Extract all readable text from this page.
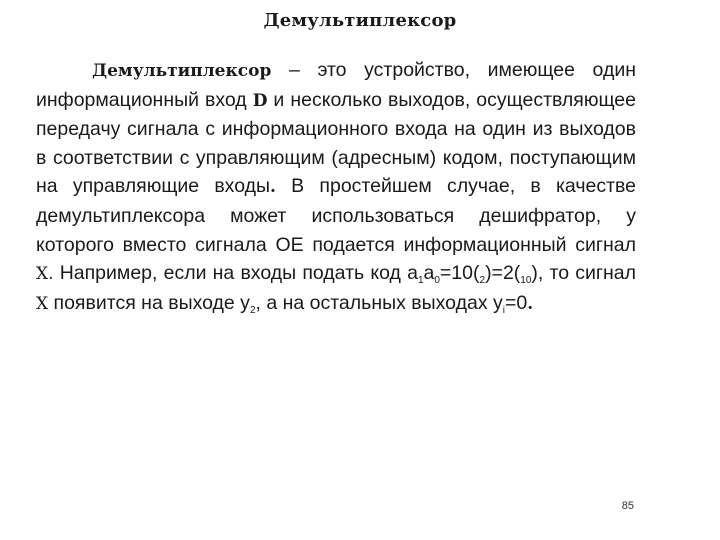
Демультиплексор

Демультиплексор – это устройство, имеющее один информационный вход D и несколько выходов, осуществляющее передачу сигнала с информационного входа на один из выходов в соответствии с управляющим (адресным) кодом, поступающим на управляющие входы. В простейшем случае, в качестве демультиплексора может использоваться дешифратор, у которого вместо сигнала ОЕ подается информационный сигнал X. Например, если на входы подать код $a_1a_0=10(_2)=2(_{10})$, то сигнал X появится на выходе $y_2$, а на остальных выходах $y_i=0$.

85
